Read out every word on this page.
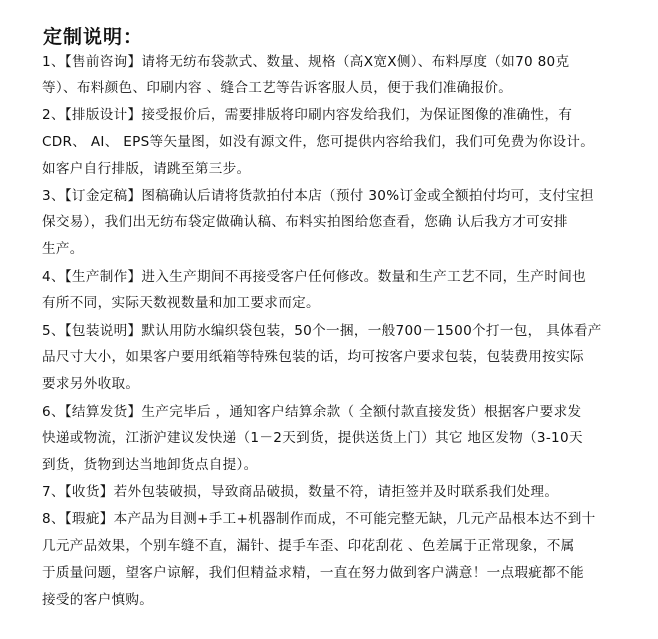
定制说明：
1、【售前咨询】请将无纺布袋款式、数量、规格（高X宽X侧）、布料厚度（如70 80克
等）、布料颜色、印刷内容 、缝合工艺等告诉客服人员，便于我们准确报价。
2、【排版设计】接受报价后，需要排版将印刷内容发给我们，为保证图像的准确性，有
CDR、 AI、 EPS等矢量图，如没有源文件，您可提供内容给我们，我们可免费为你设计。
如客户自行排版，请跳至第三步。
3、【订金定稿】图稿确认后请将货款拍付本店（预付 30%订金或全额拍付均可，支付宝担
保交易），我们出无纺布袋定做确认稿、布料实拍图给您查看，您确 认后我方才可安排
生产。
4、【生产制作】进入生产期间不再接受客户任何修改。数量和生产工艺不同，生产时间也
有所不同，实际天数视数量和加工要求而定。
5、【包装说明】默认用防水编织袋包装，50个一捆，一般700－1500个打一包， 具体看产
品尺寸大小，如果客户要用纸箱等特殊包装的话，均可按客户要求包装，包装费用按实际
要求另外收取。
6、【结算发货】生产完毕后 ，通知客户结算余款（ 全额付款直接发货）根据客户要求发
快递或物流，江浙沪建议发快递（1－2天到货，提供送货上门）其它 地区发物（3-10天
到货，货物到达当地卸货点自提）。
7、【收货】若外包装破损，导致商品破损，数量不符，请拒签并及时联系我们处理。
8、【瑕疵】本产品为目测+手工+机器制作而成，不可能完整无缺，几元产品根本达不到十
几元产品效果，个别车缝不直，漏针、提手车歪、印花刮花 、色差属于正常现象，不属
于质量问题，望客户谅解，我们但精益求精，一直在努力做到客户满意！一点瑕疵都不能
接受的客户慎购。
